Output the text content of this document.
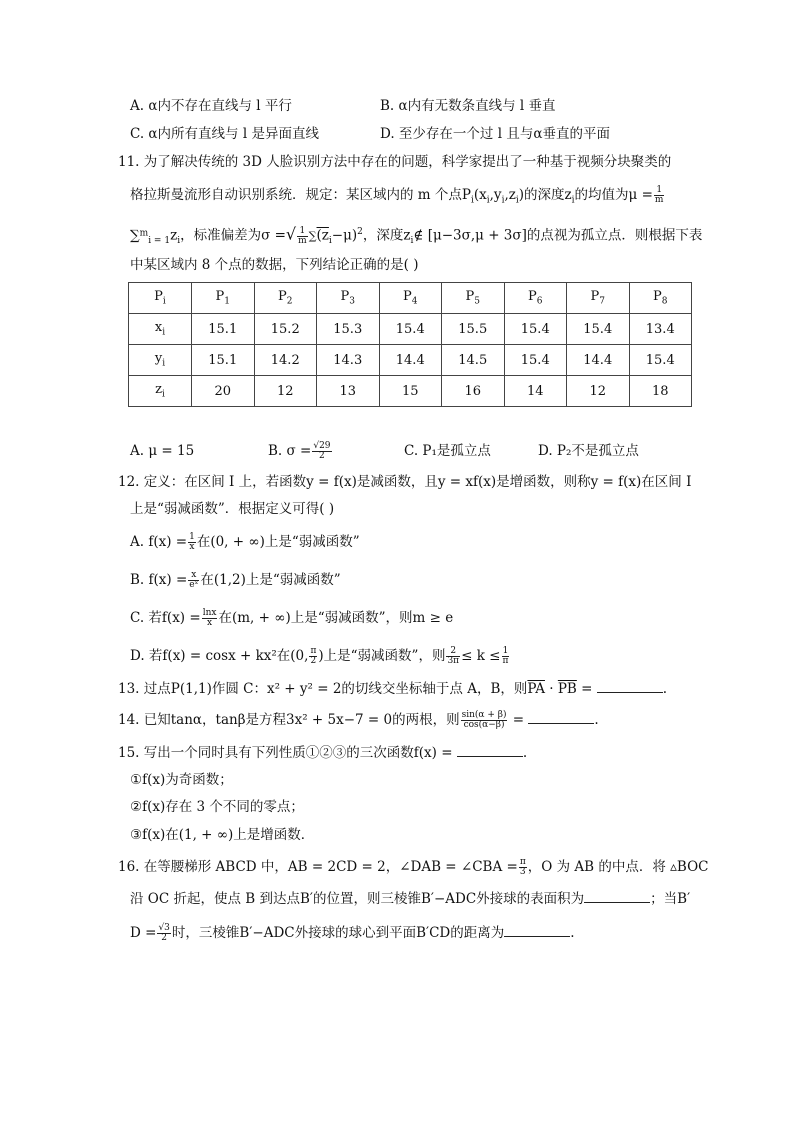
A. α内不存在直线与 l 平行	B. α内有无数条直线与 l 垂直
C. α内所有直线与 l 是异面直线	D. 至少存在一个过 l 且与α垂直的平面
11. 为了解决传统的 3D 人脸识别方法中存在的问题，科学家提出了一种基于视频分块聚类的
格拉斯曼流形自动识别系统．规定：某区域内的 m 个点$P_i(x_i,y_i,z_i)$的深度$z_i$的均值为$\mu = \frac{1}{m}$
$\sum^m_{i = 1}z_i$，标准偏差为σ =√ $\frac{1}{m} \sum(z_i-\mu)^2$，深度$z_i\notin$ [μ−3σ,μ + 3σ]的点视为孤立点．则根据下表
中某区域内 8 个点的数据，下列结论正确的是( )
$P_i$	$P_1$	$P_2$	$P_3$	$P_4$	$P_5$	$P_6$	$P_7$	$P_8$
$x_i$	15.1	15.2	15.3	15.4	15.5	15.4	15.4	13.4
$y_i$	15.1	14.2	14.3	14.4	14.5	15.4	14.4	15.4
$z_i$	20	12	13	15	16	14	12	18
A. μ = 15	B. $\sigma = \frac{√29}{2}$	C. P₁是孤立点	D. P₂不是孤立点
12. 定义：在区间 I 上，若函数y = f(x)是减函数，且y = xf(x)是增函数，则称y = f(x)在区间 I
上是“弱减函数”．根据定义可得( )
A. $f(x) = \frac{1}{x}$ 在(0, + ∞)上是“弱减函数”
B. $f(x) = \frac{x}{\text{eˣ}}$ 在(1,2)上是“弱减函数”
C. 若$f(x) = \frac{\ln x}{x}$ 在(m, + ∞)上是“弱减函数”，则m ≥ e
D. 若f(x) = cosx + kx²在(0, $\frac{\pi}{2}$ )上是“弱减函数”，则 $\frac{2}{3\pi} \le k \le \frac{1}{\pi}$
13. 过点P(1,1)作圆 C：x² + y² = 2的切线交坐标轴于点 A，B，则$\overline{PA} \cdot \overline{PB}$ =	.
14. 已知tanα，tanβ是方程3x² + 5x−7 = 0的两根，则 $\frac{\sin(\alpha + \beta)}{\cos(\alpha-\beta)}$ =	.
15. 写出一个同时具有下列性质①②③的三次函数f(x) =	.
①f(x)为奇函数；
②f(x)存在 3 个不同的零点；
③f(x)在(1, + ∞)上是增函数．
16. 在等腰梯形 ABCD 中，AB = 2CD = 2，∠DAB = ∠CBA = $\frac{\pi}{3}$ ，O 为 AB 的中点．将 ▵BOC
沿 OC 折起，使点 B 到达点B′的位置，则三棱锥B′−ADC外接球的表面积为	；当B′
$D = \frac{√3}{2}$ 时，三棱锥B′−ADC外接球的球心到平面B′CD的距离为	.
